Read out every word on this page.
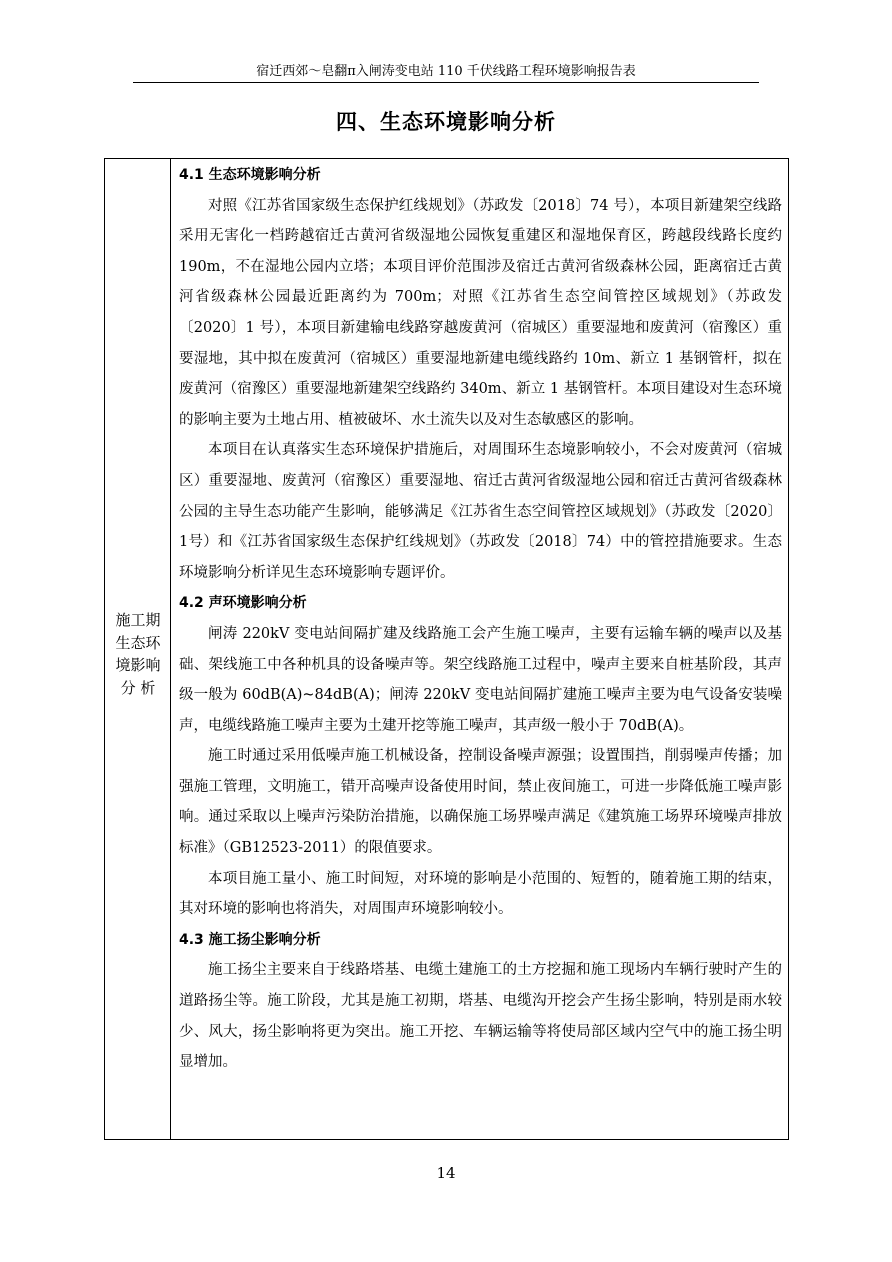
宿迁西郊～皂翻π入闸涛变电站 110 千伏线路工程环境影响报告表
四、生态环境影响分析
施工期
生态环
境影响
分 析
4.1 生态环境影响分析

对照《江苏省国家级生态保护红线规划》（苏政发〔2018〕74 号），本项目新建架空线路采用无害化一档跨越宿迁古黄河省级湿地公园恢复重建区和湿地保育区，跨越段线路长度约 190m，不在湿地公园内立塔；本项目评价范围涉及宿迁古黄河省级森林公园，距离宿迁古黄河省级森林公园最近距离约为 700m；对照《江苏省生态空间管控区域规划》（苏政发〔2020〕1 号），本项目新建输电线路穿越废黄河（宿城区）重要湿地和废黄河（宿豫区）重要湿地，其中拟在废黄河（宿城区）重要湿地新建电缆线路约 10m、新立 1 基钢管杆，拟在废黄河（宿豫区）重要湿地新建架空线路约 340m、新立 1 基钢管杆。本项目建设对生态环境的影响主要为土地占用、植被破坏、水土流失以及对生态敏感区的影响。

本项目在认真落实生态环境保护措施后，对周围环生态境影响较小，不会对废黄河（宿城区）重要湿地、废黄河（宿豫区）重要湿地、宿迁古黄河省级湿地公园和宿迁古黄河省级森林公园的主导生态功能产生影响，能够满足《江苏省生态空间管控区域规划》（苏政发〔2020〕1号）和《江苏省国家级生态保护红线规划》（苏政发〔2018〕74）中的管控措施要求。生态环境影响分析详见生态环境影响专题评价。

4.2 声环境影响分析

闸涛 220kV 变电站间隔扩建及线路施工会产生施工噪声，主要有运输车辆的噪声以及基础、架线施工中各种机具的设备噪声等。架空线路施工过程中，噪声主要来自桩基阶段，其声级一般为 60dB(A)~84dB(A)；闸涛 220kV 变电站间隔扩建施工噪声主要为电气设备安装噪声，电缆线路施工噪声主要为土建开挖等施工噪声，其声级一般小于 70dB(A)。

施工时通过采用低噪声施工机械设备，控制设备噪声源强；设置围挡，削弱噪声传播；加强施工管理，文明施工，错开高噪声设备使用时间，禁止夜间施工，可进一步降低施工噪声影响。通过采取以上噪声污染防治措施，以确保施工场界噪声满足《建筑施工场界环境噪声排放标准》（GB12523-2011）的限值要求。

本项目施工量小、施工时间短，对环境的影响是小范围的、短暂的，随着施工期的结束，其对环境的影响也将消失，对周围声环境影响较小。

4.3 施工扬尘影响分析

施工扬尘主要来自于线路塔基、电缆土建施工的土方挖掘和施工现场内车辆行驶时产生的道路扬尘等。施工阶段，尤其是施工初期，塔基、电缆沟开挖会产生扬尘影响，特别是雨水较少、风大，扬尘影响将更为突出。施工开挖、车辆运输等将使局部区域内空气中的施工扬尘明显增加。

14
